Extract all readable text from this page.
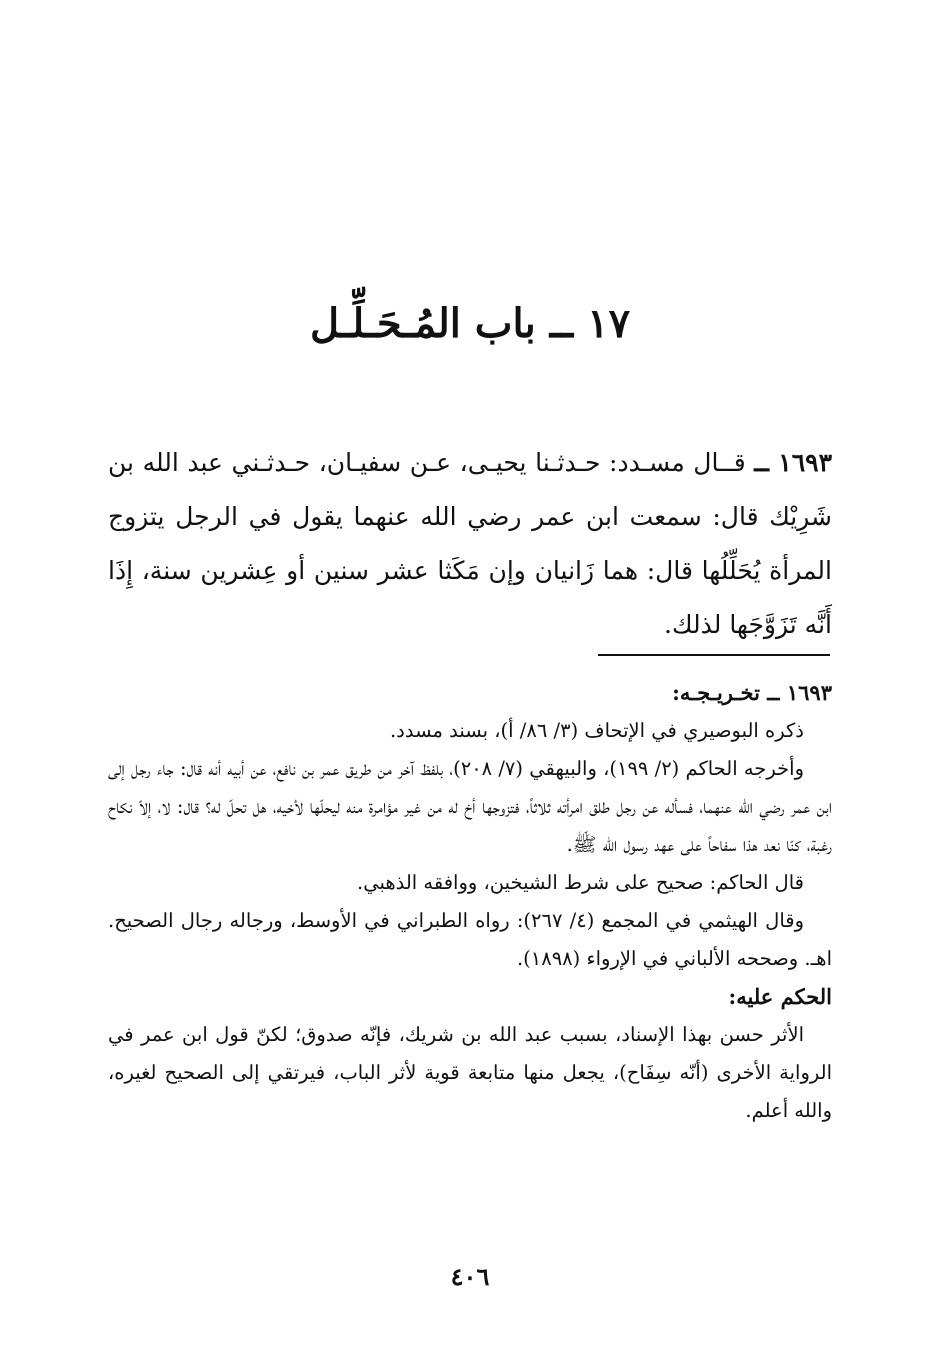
١٧ ــ باب المُـحَـلِّـل

١٦٩٣ ــ قــال مسـدد: حـدثـنا يحيـى، عـن سفيـان، حـدثـني عبد الله بن شَرِيْك قال: سمعت ابن عمر رضي الله عنهما يقول في الرجل يتزوج المرأة يُحَلِّلُها قال: هما زَانيان وإن مَكَثا عشر سنين أو عِشرين سنة، إِذَا أَنَّه تَزَوَّجَها لذلك.

١٦٩٣ ــ تخـريـجـه:

ذكره البوصيري في الإتحاف (٣/ ٨٦/ أ)، بسند مسدد.

وأخرجه الحاكم (٢/ ١٩٩)، والبيهقي (٧/ ٢٠٨)، بلفظ آخر من طريق عمر بن نافع، عن أبيه أنه قال: جاء رجل إلى ابن عمر رضي الله عنهما، فسأله عن رجل طلق امرأته ثلاثاً، فتزوجها أخ له من غير مؤامرة منه ليحلّها لأخيه، هل تحلّ له؟ قال: لا، إلاّ نكاح رغبة، كنّا نعد هذا سفاحاً على عهد رسول الله ﷺ.

قال الحاكم: صحيح على شرط الشيخين، ووافقه الذهبي.

وقال الهيثمي في المجمع (٤/ ٢٦٧): رواه الطبراني في الأوسط، ورجاله رجال الصحيح. اهـ. وصححه الألباني في الإرواء (١٨٩٨).

الحكم عليه:

الأثر حسن بهذا الإسناد، بسبب عبد الله بن شريك، فإنّه صدوق؛ لكنّ قول ابن عمر في الرواية الأخرى (أنّه سِفَاح)، يجعل منها متابعة قوية لأثر الباب، فيرتقي إلى الصحيح لغيره، والله أعلم.

٤٠٦
